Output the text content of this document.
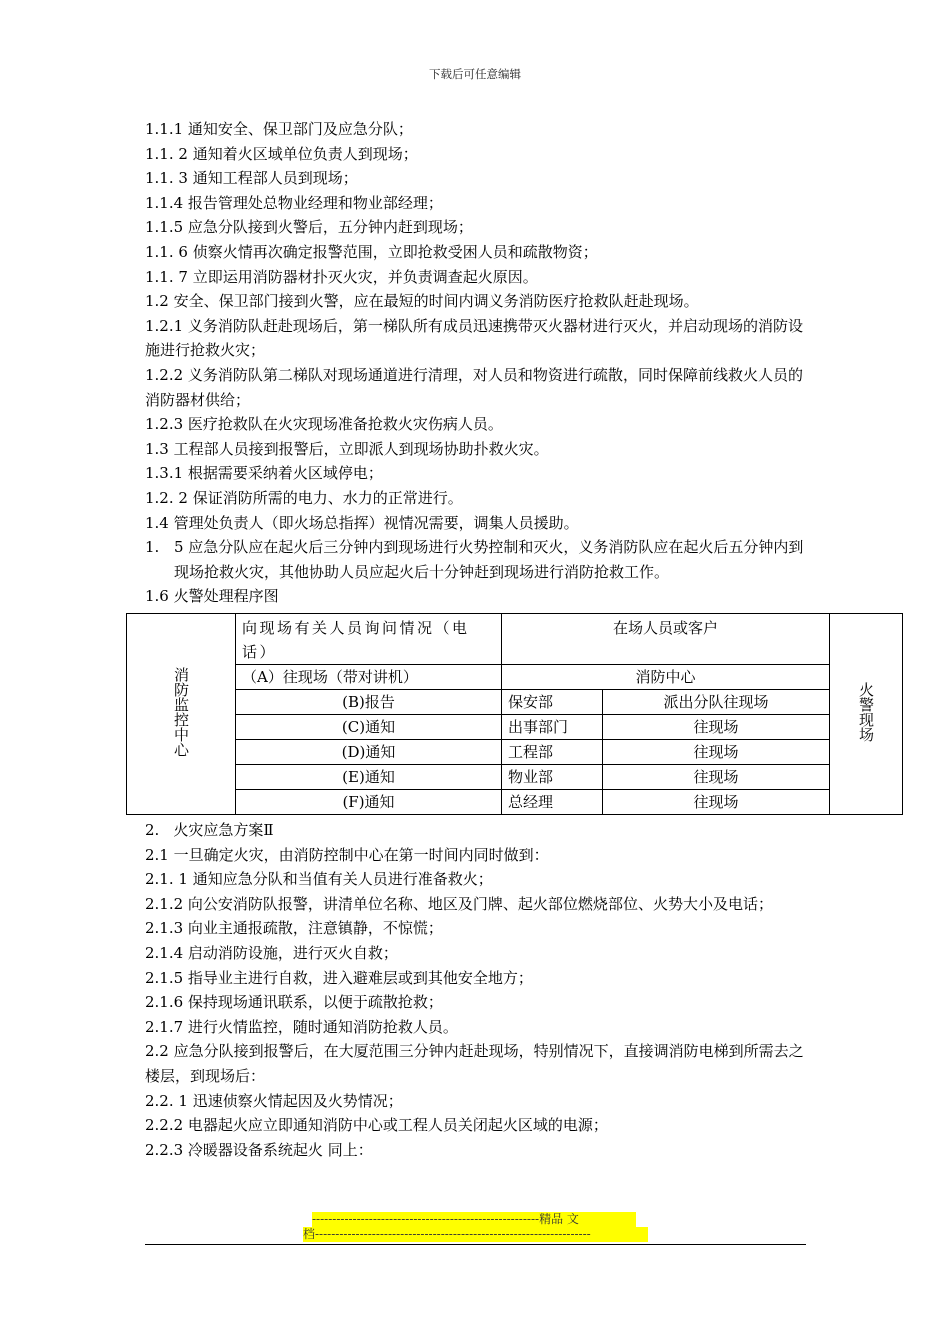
下载后可任意编辑
1.1.1 通知安全、保卫部门及应急分队；
1.1. 2 通知着火区域单位负责人到现场；
1.1. 3 通知工程部人员到现场；
1.1.4 报告管理处总物业经理和物业部经理；
1.1.5 应急分队接到火警后，五分钟内赶到现场；
1.1. 6 侦察火情再次确定报警范围，立即抢救受困人员和疏散物资；
1.1. 7 立即运用消防器材扑灭火灾，并负责调查起火原因。
1.2 安全、保卫部门接到火警，应在最短的时间内调义务消防医疗抢救队赶赴现场。
1.2.1 义务消防队赶赴现场后，第一梯队所有成员迅速携带灭火器材进行灭火，并启动现场的消防设施进行抢救火灾；
1.2.2 义务消防队第二梯队对现场通道进行清理，对人员和物资进行疏散，同时保障前线救火人员的消防器材供给；
1.2.3 医疗抢救队在火灾现场准备抢救火灾伤病人员。
1.3 工程部人员接到报警后，立即派人到现场协助扑救火灾。
1.3.1 根据需要采纳着火区域停电；
1.2. 2 保证消防所需的电力、水力的正常进行。
1.4 管理处负责人（即火场总指挥）视情况需要，调集人员援助。
1. 5 应急分队应在起火后三分钟内到现场进行火势控制和灭火，义务消防队应在起火后五分钟内到现场抢救火灾，其他协助人员应起火后十分钟赶到现场进行消防抢救工作。
1.6 火警处理程序图
消防监控中心	向现场有关人员询问情况（电话）	在场人员或客户		火警现场

	（A）往现场（带对讲机）	消防中心		
	(B)报告	保安部	派出分队往现场	
	(C)通知	出事部门	往现场	
	(D)通知	工程部	往现场	
	(E)通知	物业部	往现场	
	(F)通知	总经理	往现场	
2. 火灾应急方案Ⅱ
2.1 一旦确定火灾，由消防控制中心在第一时间内同时做到：
2.1. 1 通知应急分队和当值有关人员进行准备救火；
2.1.2 向公安消防队报警，讲清单位名称、地区及门牌、起火部位燃烧部位、火势大小及电话；
2.1.3 向业主通报疏散，注意镇静，不惊慌；
2.1.4 启动消防设施，进行灭火自救；
2.1.5 指导业主进行自救，进入避难层或到其他安全地方；
2.1.6 保持现场通讯联系，以便于疏散抢救；
2.1.7 进行火情监控，随时通知消防抢救人员。
2.2 应急分队接到报警后，在大厦范围三分钟内赶赴现场，特别情况下，直接调消防电梯到所需去之楼层，到现场后：
2.2. 1 迅速侦察火情起因及火势情况；
2.2.2 电器起火应立即通知消防中心或工程人员关闭起火区域的电源；
2.2.3 冷暖器设备系统起火 同上：
--------------------------------------------------------精品 文
档--------------------------------------------------------------------
